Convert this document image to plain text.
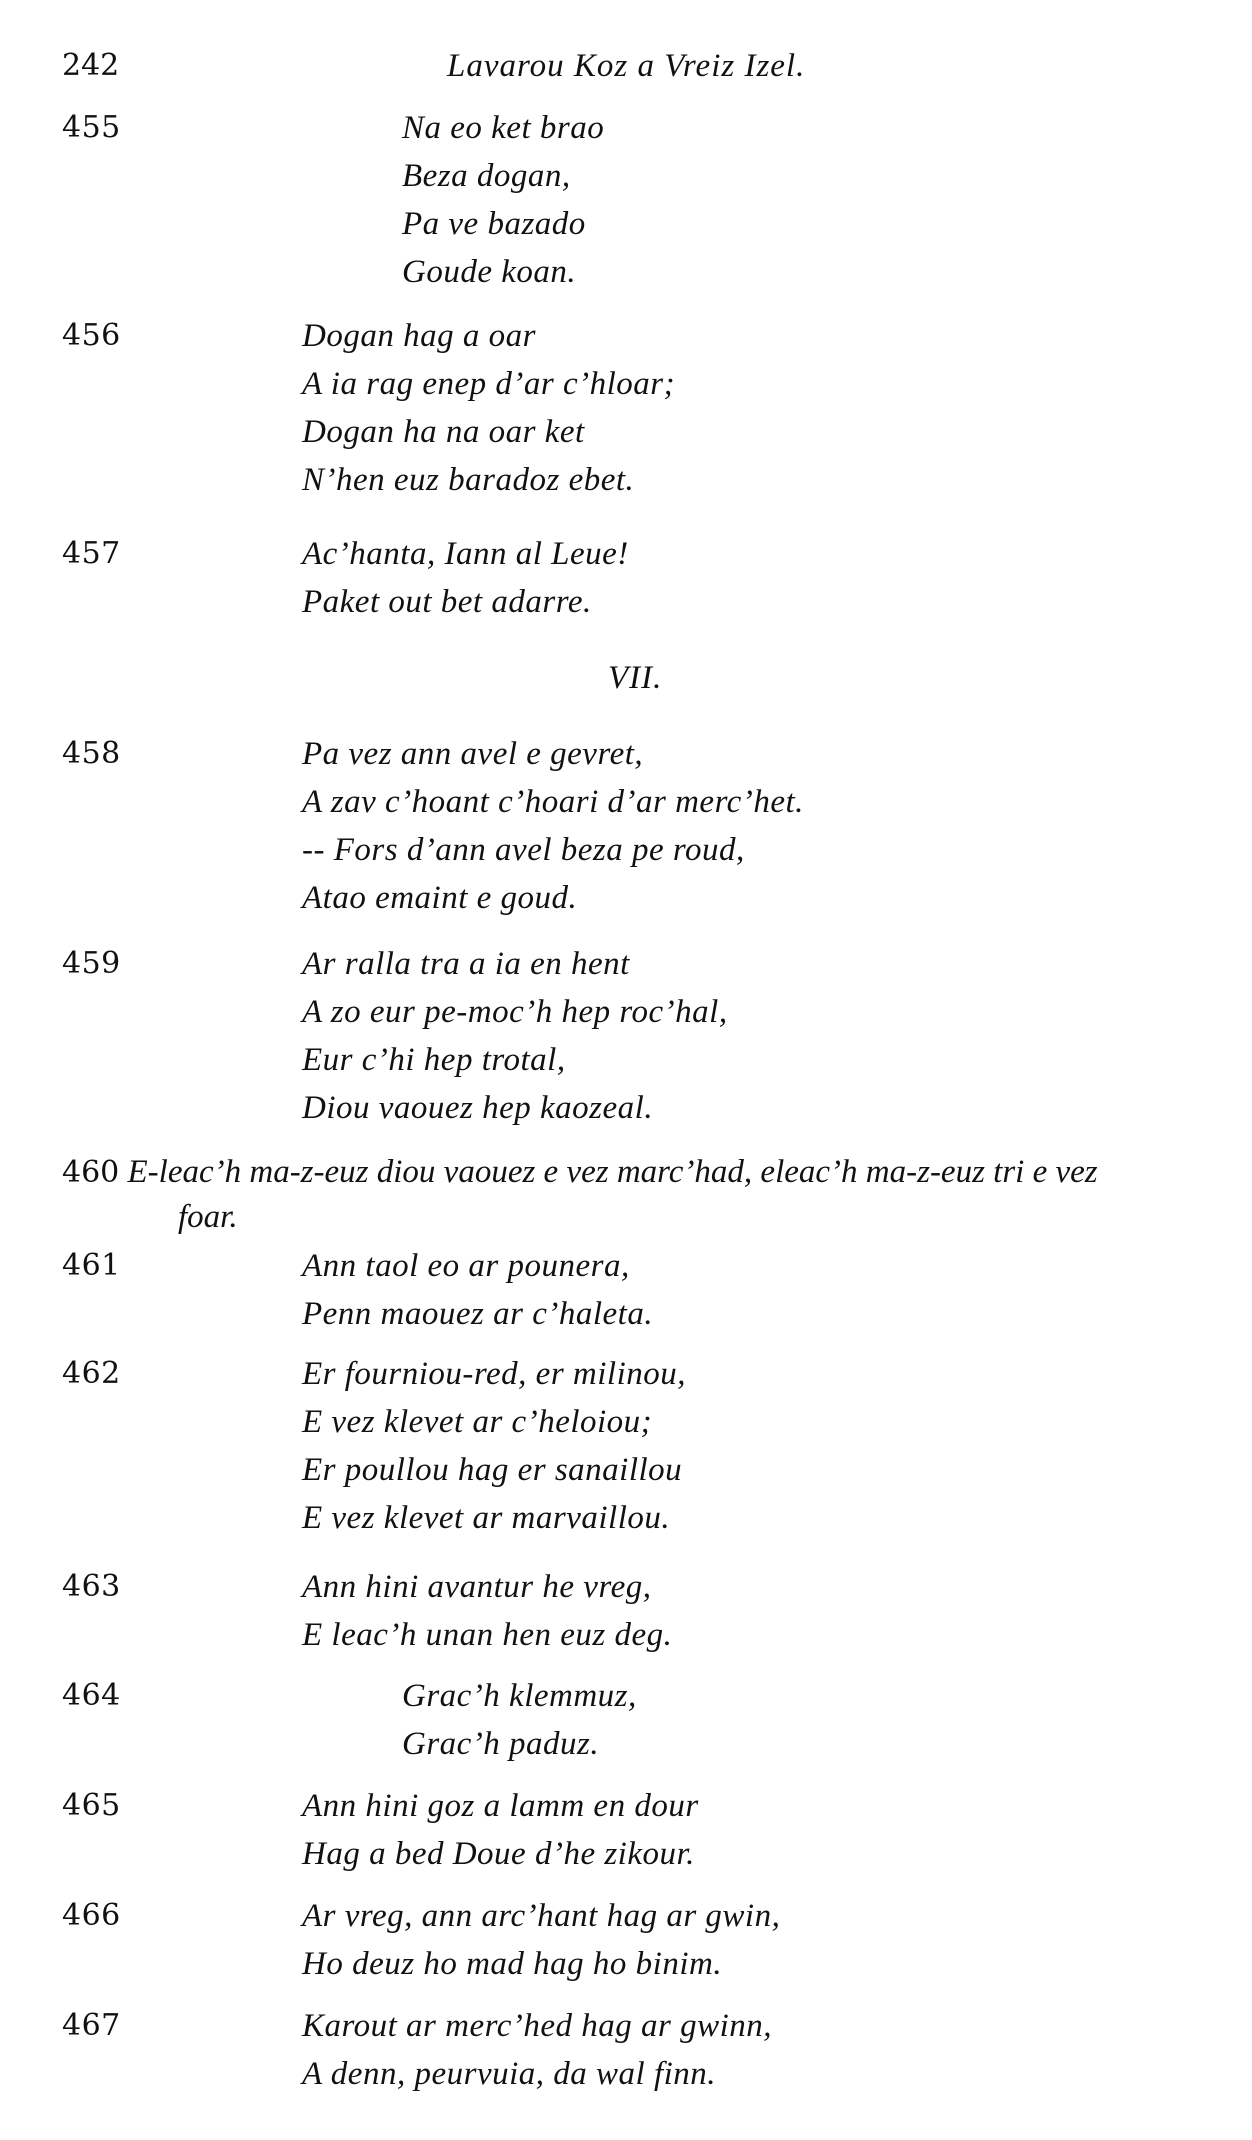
242	Lavarou Koz a Vreiz Izel.
455	Na eo ket brao
Beza dogan,
Pa ve bazado
Goude koan.
456	Dogan hag a oar
A ia rag enep d’ar c’hloar;
Dogan ha na oar ket
N’hen euz baradoz ebet.
457	Ac’hanta, Iann al Leue!
Paket out bet adarre.
VII.
458	Pa vez ann avel e gevret,
A zav c’hoant c’hoari d’ar merc’het.
-- Fors d’ann avel beza pe roud,
Atao emaint e goud.
459	Ar ralla tra a ia en hent
A zo eur pe-moc’h hep roc’hal,
Eur c’hi hep trotal,
Diou vaouez hep kaozeal.
460 E-leac’h ma-z-euz diou vaouez e vez marc’had, eleac’h ma-z-euz tri e vez
foar.
461	Ann taol eo ar pounera,
Penn maouez ar c’haleta.
462	Er fourniou-red, er milinou,
E vez klevet ar c’heloiou;
Er poullou hag er sanaillou
E vez klevet ar marvaillou.
463	Ann hini avantur he vreg,
E leac’h unan hen euz deg.
464	Grac’h klemmuz,
Grac’h paduz.
465	Ann hini goz a lamm en dour
Hag a bed Doue d’he zikour.
466	Ar vreg, ann arc’hant hag ar gwin,
Ho deuz ho mad hag ho binim.
467	Karout ar merc’hed hag ar gwinn,
A denn, peurvuia, da wal finn.
